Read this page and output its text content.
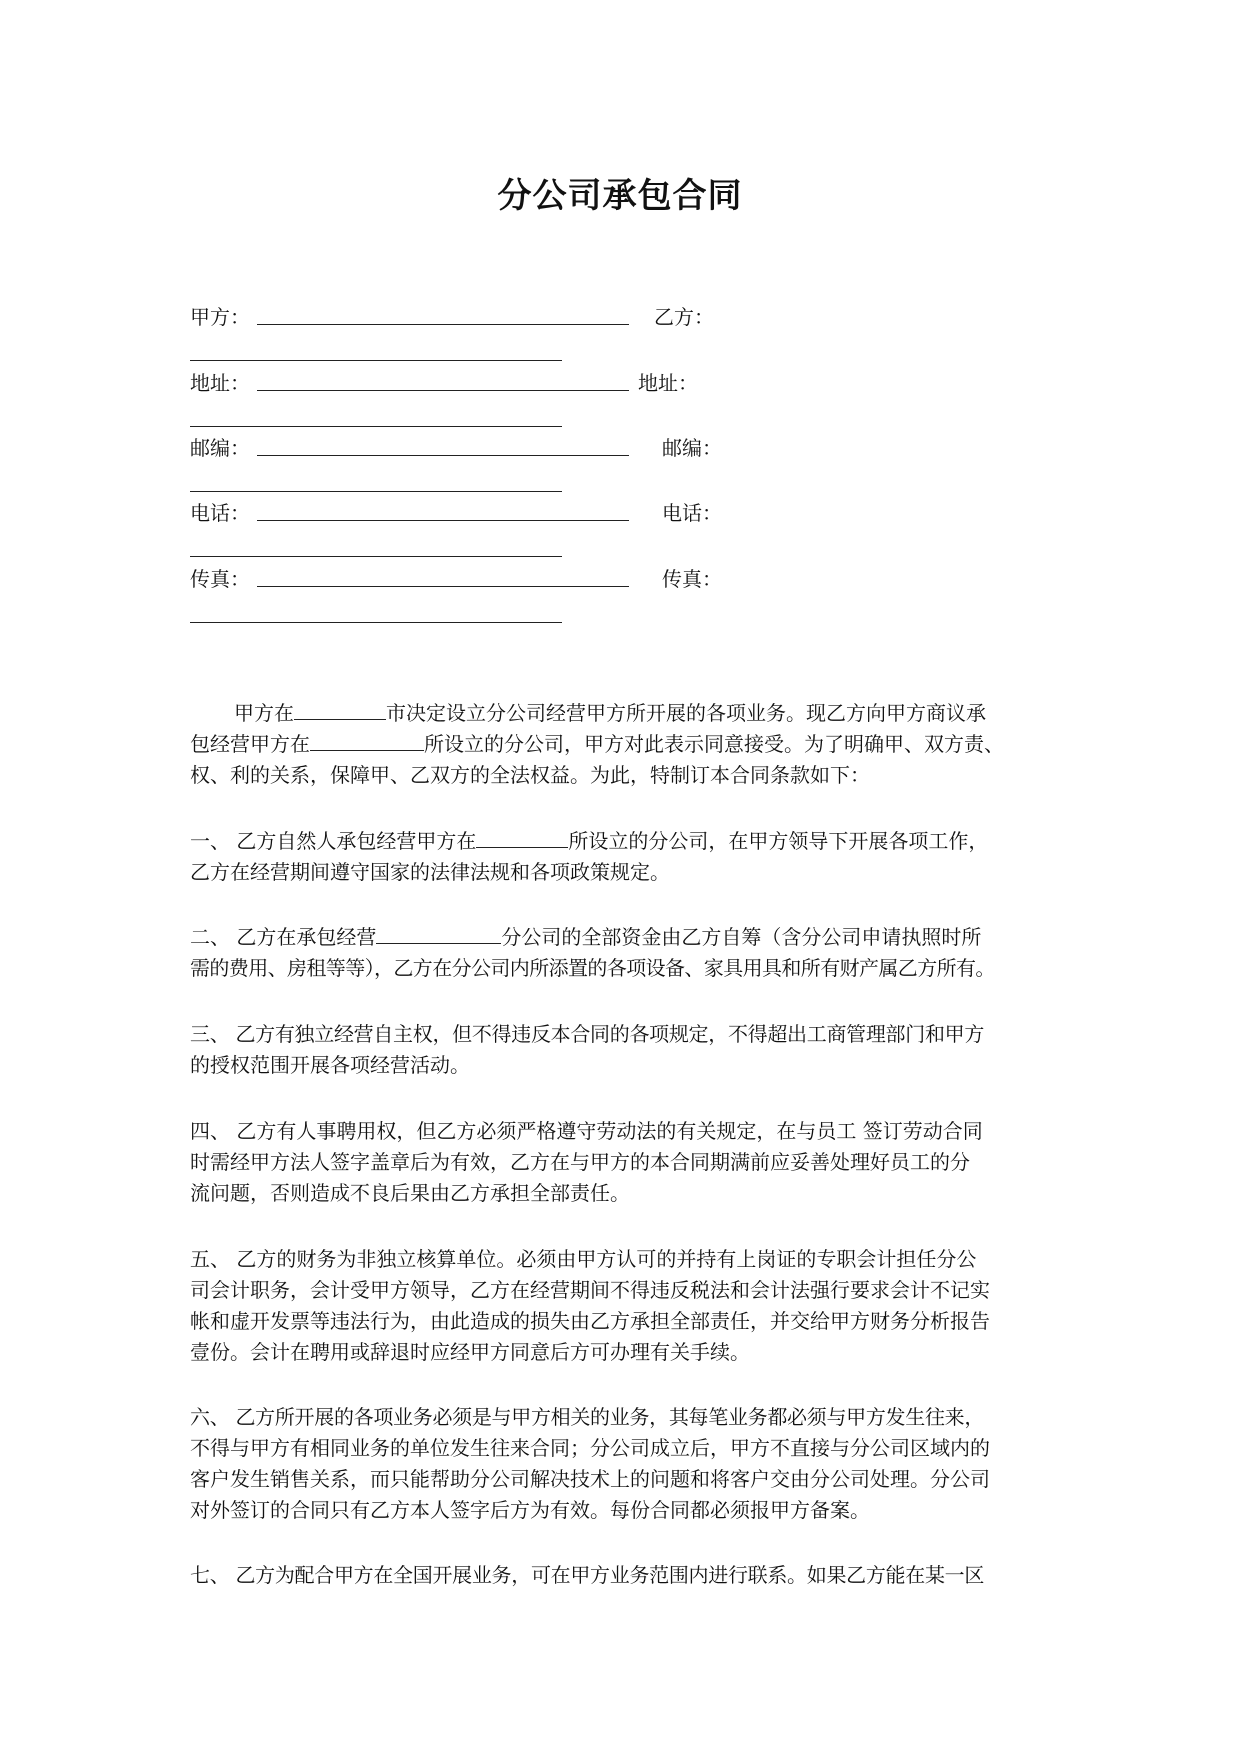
分公司承包合同
甲方：	乙方：
地址：	地址：
邮编：	邮编：
电话：	电话：
传真：	传真：
甲方在	市决定设立分公司经营甲方所开展的各项业务。现乙方向甲方商议承
包经营甲方在	所设立的分公司，甲方对此表示同意接受。为了明确甲、双方责、
权、利的关系，保障甲、乙双方的全法权益。为此，特制订本合同条款如下：
一、 乙方自然人承包经营甲方在	所设立的分公司，在甲方领导下开展各项工作，
乙方在经营期间遵守国家的法律法规和各项政策规定。
二、 乙方在承包经营	分公司的全部资金由乙方自筹（含分公司申请执照时所
需的费用、房租等等），乙方在分公司内所添置的各项设备、家具用具和所有财产属乙方所有。
三、 乙方有独立经营自主权，但不得违反本合同的各项规定，不得超出工商管理部门和甲方
的授权范围开展各项经营活动。
四、 乙方有人事聘用权，但乙方必须严格遵守劳动法的有关规定，在与员工 签订劳动合同
时需经甲方法人签字盖章后为有效，乙方在与甲方的本合同期满前应妥善处理好员工的分
流问题，否则造成不良后果由乙方承担全部责任。
五、 乙方的财务为非独立核算单位。必须由甲方认可的并持有上岗证的专职会计担任分公
司会计职务，会计受甲方领导，乙方在经营期间不得违反税法和会计法强行要求会计不记实
帐和虚开发票等违法行为，由此造成的损失由乙方承担全部责任，并交给甲方财务分析报告
壹份。会计在聘用或辞退时应经甲方同意后方可办理有关手续。
六、 乙方所开展的各项业务必须是与甲方相关的业务，其每笔业务都必须与甲方发生往来，
不得与甲方有相同业务的单位发生往来合同；分公司成立后，甲方不直接与分公司区域内的
客户发生销售关系，而只能帮助分公司解决技术上的问题和将客户交由分公司处理。分公司
对外签订的合同只有乙方本人签字后方为有效。每份合同都必须报甲方备案。
七、 乙方为配合甲方在全国开展业务，可在甲方业务范围内进行联系。如果乙方能在某一区
